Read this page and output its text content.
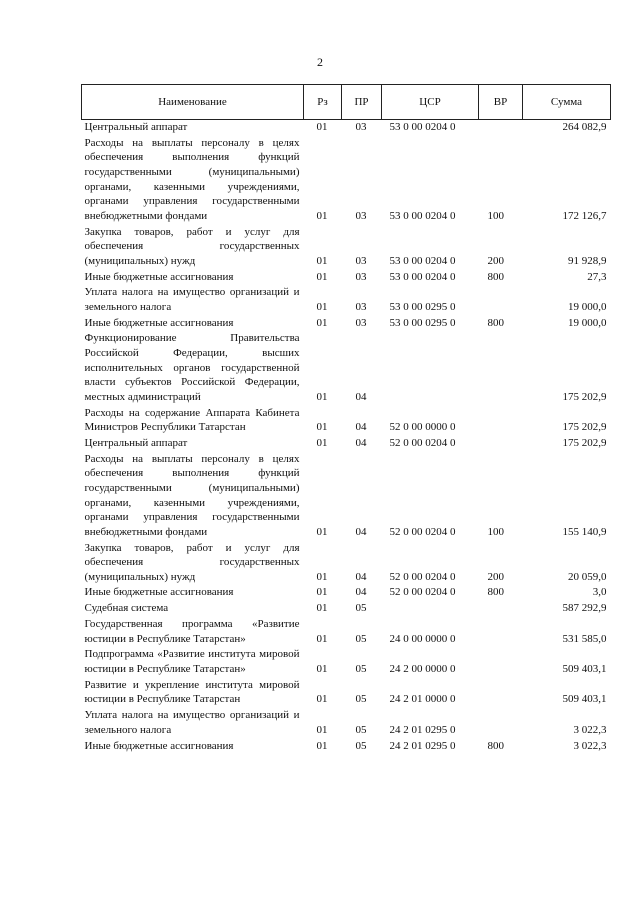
2
Наименование	Рз	ПР	ЦСР	ВР	Сумма
Центральный аппарат	01	03	53 0 00 0204 0		264 082,9
Расходы на выплаты персоналу в целях обеспечения выполнения функций государственными (муниципальными) органами, казенными учреждениями, органами управления государственными внебюджетными фондами	01	03	53 0 00 0204 0	100	172 126,7
Закупка товаров, работ и услуг для обеспечения государственных (муниципальных) нужд	01	03	53 0 00 0204 0	200	91 928,9
Иные бюджетные ассигнования	01	03	53 0 00 0204 0	800	27,3
Уплата налога на имущество организаций и земельного налога	01	03	53 0 00 0295 0		19 000,0
Иные бюджетные ассигнования	01	03	53 0 00 0295 0	800	19 000,0
Функционирование Правительства Российской Федерации, высших исполнительных органов государственной власти субъектов Российской Федерации, местных администраций	01	04			175 202,9
Расходы на содержание Аппарата Кабинета Министров Республики Татарстан	01	04	52 0 00 0000 0		175 202,9
Центральный аппарат	01	04	52 0 00 0204 0		175 202,9
Расходы на выплаты персоналу в целях обеспечения выполнения функций государственными (муниципальными) органами, казенными учреждениями, органами управления государственными внебюджетными фондами	01	04	52 0 00 0204 0	100	155 140,9
Закупка товаров, работ и услуг для обеспечения государственных (муниципальных) нужд	01	04	52 0 00 0204 0	200	20 059,0
Иные бюджетные ассигнования	01	04	52 0 00 0204 0	800	3,0
Судебная система	01	05			587 292,9
Государственная программа «Развитие юстиции в Республике Татарстан»	01	05	24 0 00 0000 0		531 585,0
Подпрограмма «Развитие института мировой юстиции в Республике Татарстан»	01	05	24 2 00 0000 0		509 403,1
Развитие и укрепление института мировой юстиции в Республике Татарстан	01	05	24 2 01 0000 0		509 403,1
Уплата налога на имущество организаций и земельного налога	01	05	24 2 01 0295 0		3 022,3
Иные бюджетные ассигнования	01	05	24 2 01 0295 0	800	3 022,3
